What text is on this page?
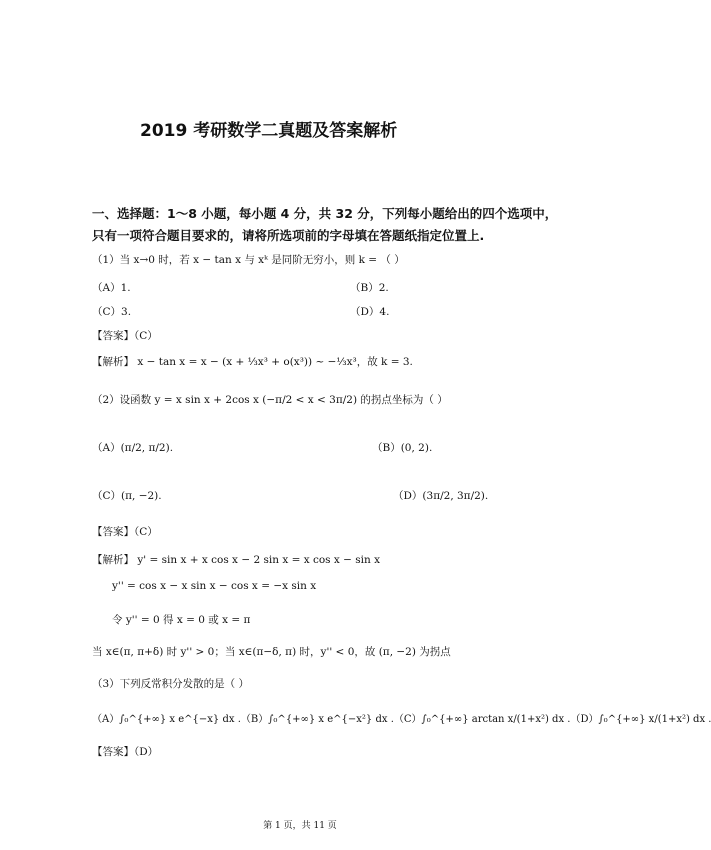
2019 考研数学二真题及答案解析
一、选择题：1～8 小题，每小题 4 分，共 32 分，下列每小题给出的四个选项中，
只有一项符合题目要求的，请将所选项前的字母填在答题纸指定位置上.
（1）当 x→0 时，若 x − tan x 与 xᵏ 是同阶无穷小，则 k = （ ）
（A）1.	（B）2.
（C）3.	（D）4.
【答案】（C）
【解析】 x − tan x = x − (x + ⅓x³ + o(x³)) ~ −⅓x³，故 k = 3.
（2）设函数 y = x sin x + 2cos x (−π/2 < x < 3π/2) 的拐点坐标为（ ）
（A）(π/2, π/2).	（B）(0, 2).
（C）(π, −2).	（D）(3π/2, 3π/2).
【答案】（C）
【解析】 y' = sin x + x cos x − 2 sin x = x cos x − sin x
y'' = cos x − x sin x − cos x = −x sin x
令 y'' = 0 得 x = 0 或 x = π
当 x∈(π, π+δ) 时 y'' > 0；当 x∈(π−δ, π) 时，y'' < 0，故 (π, −2) 为拐点
（3）下列反常积分发散的是（ ）
（A）∫₀^{+∞} x e^{−x} dx .（B）∫₀^{+∞} x e^{−x²} dx .（C）∫₀^{+∞} arctan x/(1+x²) dx .（D）∫₀^{+∞} x/(1+x²) dx .
【答案】（D）
第 1 页，共 11 页
